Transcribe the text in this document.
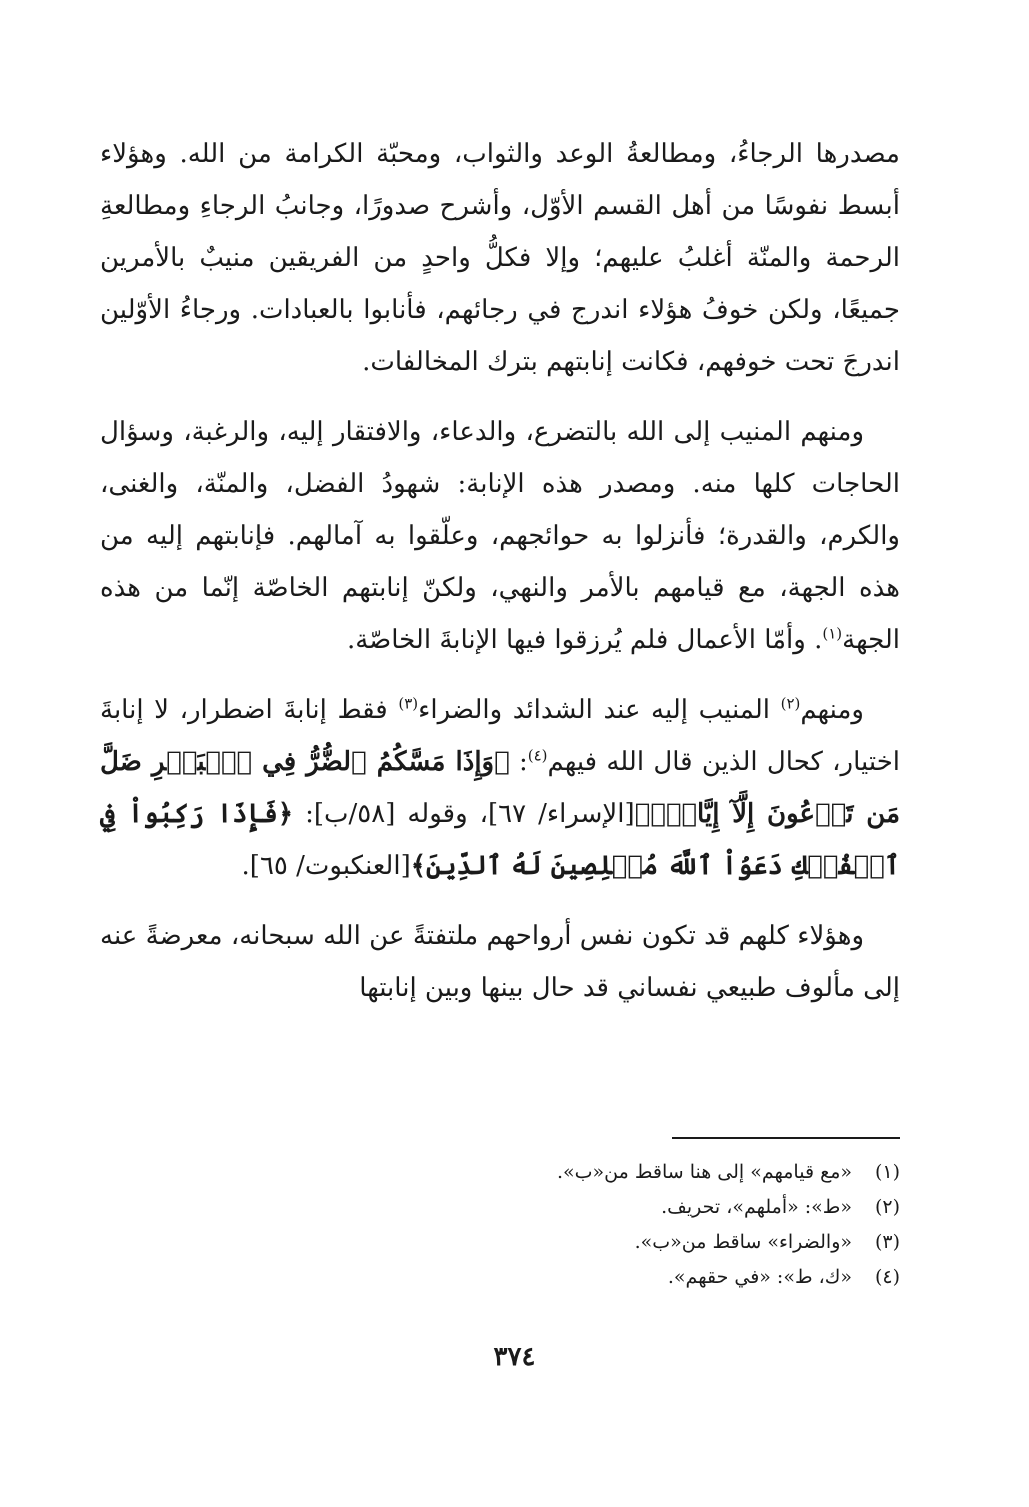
مصدرها الرجاءُ، ومطالعةُ الوعد والثواب، ومحبّة الكرامة من الله. وهؤلاء أبسط نفوسًا من أهل القسم الأوّل، وأشرح صدورًا، وجانبُ الرجاءِ ومطالعةِ الرحمة والمنّة أغلبُ عليهم؛ وإلا فكلُّ واحدٍ من الفريقين منيبٌ بالأمرين جميعًا، ولكن خوفُ هؤلاء اندرج في رجائهم، فأنابوا بالعبادات. ورجاءُ الأوّلين اندرجَ تحت خوفهم، فكانت إنابتهم بترك المخالفات.

ومنهم المنيب إلى الله بالتضرع، والدعاء، والافتقار إليه، والرغبة، وسؤال الحاجات كلها منه. ومصدر هذه الإنابة: شهودُ الفضل، والمنّة، والغنى، والكرم، والقدرة؛ فأنزلوا به حوائجهم، وعلّقوا به آمالهم. فإنابتهم إليه من هذه الجهة، مع قيامهم بالأمر والنهي، ولكنّ إنابتهم الخاصّة إنّما من هذه الجهة$^{(١)}$. وأمّا الأعمال فلم يُرزقوا فيها الإنابةَ الخاصّة.

ومنهم$^{(٢)}$ المنيب إليه عند الشدائد والضراء$^{(٣)}$ فقط إنابةَ اضطرار، لا إنابةَ اختيار، كحال الذين قال الله فيهم$^{(٤)}$: ﴿وَإِذَا مَسَّكُمُ ٱلضُّرُّ فِي ٱلۡبَحۡرِ ضَلَّ مَن تَدۡعُونَ إِلَّآ إِيَّاهُۖ﴾[الإسراء/ ٦٧]، وقوله [٥٨/ب]: ﴿فَإِذَا رَكِبُواْ فِي ٱلۡفُلۡكِ دَعَوُاْ ٱللَّهَ مُخۡلِصِينَ لَهُ ٱلدِّينَ﴾[العنكبوت/ ٦٥].

وهؤلاء كلهم قد تكون نفس أرواحهم ملتفتةً عن الله سبحانه، معرضةً عنه إلى مألوف طبيعي نفساني قد حال بينها وبين إنابتها

(١)
«مع قيامهم» إلى هنا ساقط من«ب».
(٢)
«ط»: «أملهم»، تحريف.
(٣)
«والضراء» ساقط من«ب».
(٤)
«ك، ط»: «في حقهم».
٣٧٤
